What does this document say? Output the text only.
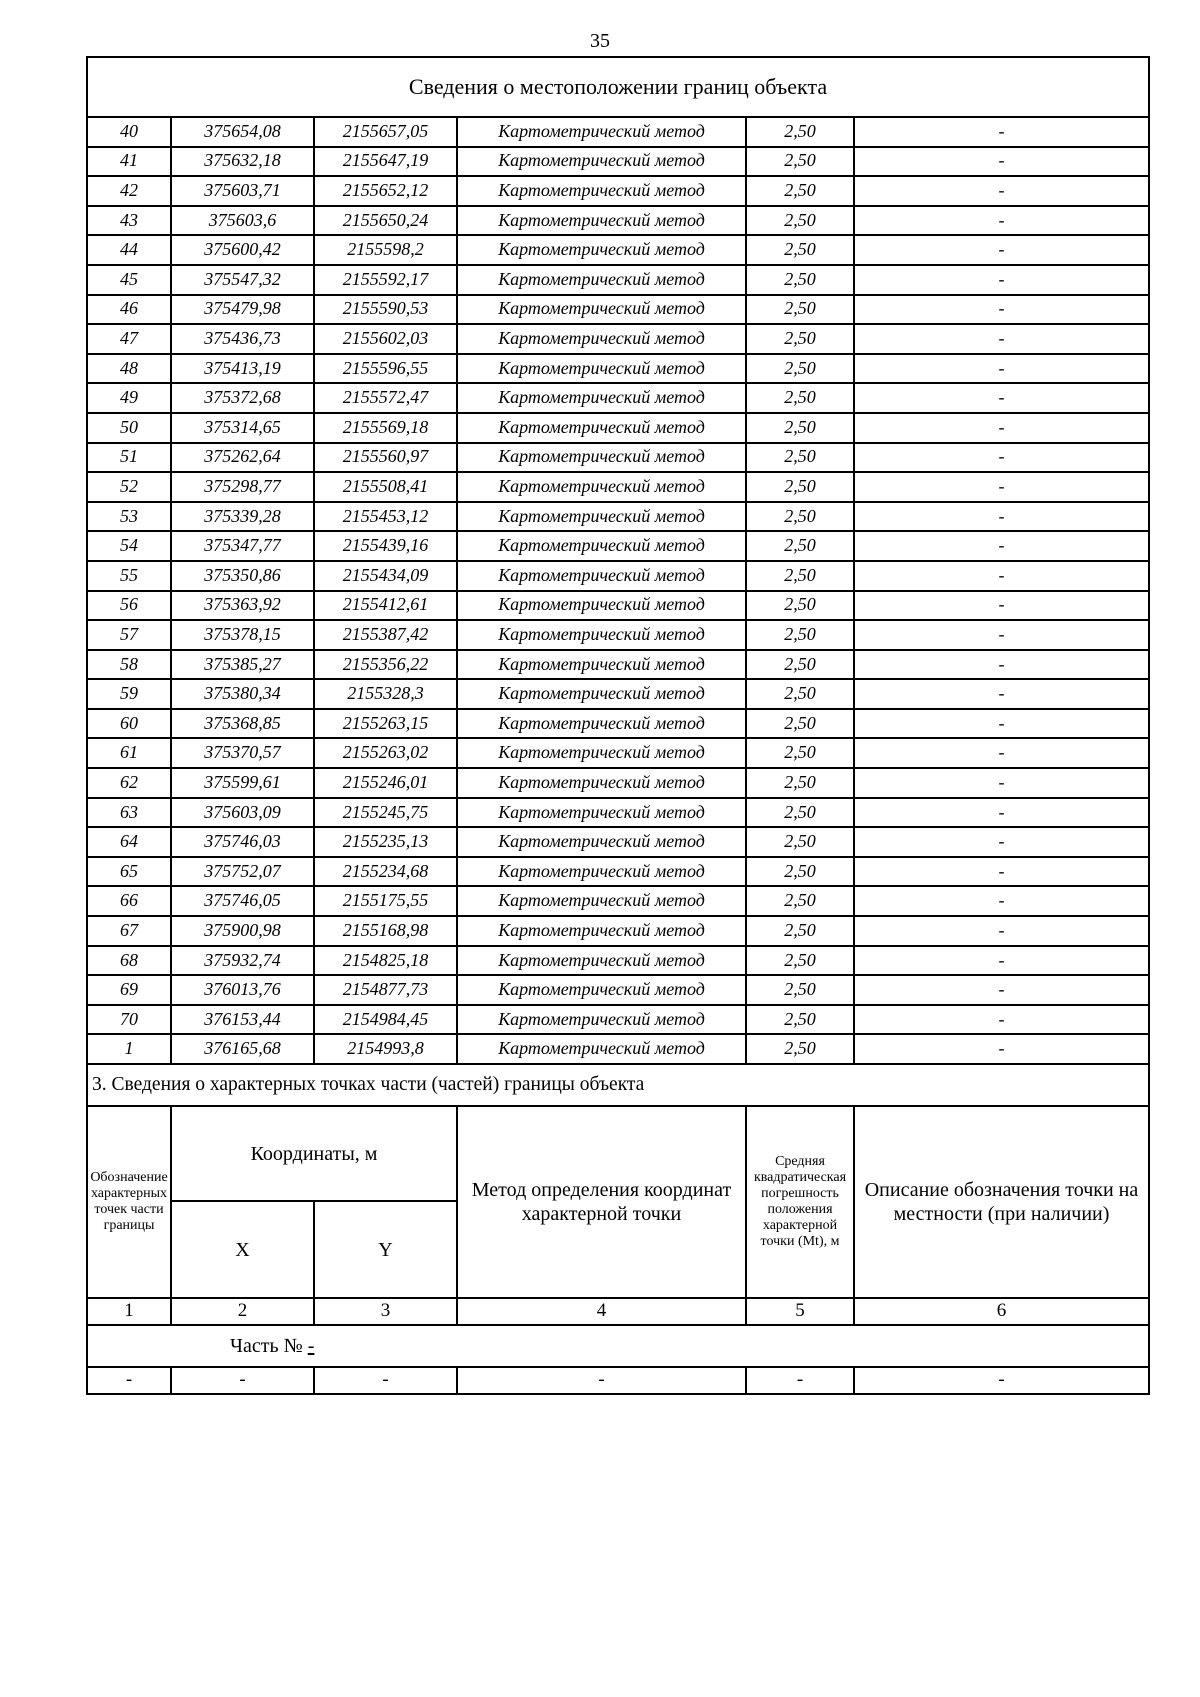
35
Сведения о местоположении границ объекта					
40	375654,08	2155657,05	Картометрический метод	2,50	-
41	375632,18	2155647,19	Картометрический метод	2,50	-
42	375603,71	2155652,12	Картометрический метод	2,50	-
43	375603,6	2155650,24	Картометрический метод	2,50	-
44	375600,42	2155598,2	Картометрический метод	2,50	-
45	375547,32	2155592,17	Картометрический метод	2,50	-
46	375479,98	2155590,53	Картометрический метод	2,50	-
47	375436,73	2155602,03	Картометрический метод	2,50	-
48	375413,19	2155596,55	Картометрический метод	2,50	-
49	375372,68	2155572,47	Картометрический метод	2,50	-
50	375314,65	2155569,18	Картометрический метод	2,50	-
51	375262,64	2155560,97	Картометрический метод	2,50	-
52	375298,77	2155508,41	Картометрический метод	2,50	-
53	375339,28	2155453,12	Картометрический метод	2,50	-
54	375347,77	2155439,16	Картометрический метод	2,50	-
55	375350,86	2155434,09	Картометрический метод	2,50	-
56	375363,92	2155412,61	Картометрический метод	2,50	-
57	375378,15	2155387,42	Картометрический метод	2,50	-
58	375385,27	2155356,22	Картометрический метод	2,50	-
59	375380,34	2155328,3	Картометрический метод	2,50	-
60	375368,85	2155263,15	Картометрический метод	2,50	-
61	375370,57	2155263,02	Картометрический метод	2,50	-
62	375599,61	2155246,01	Картометрический метод	2,50	-
63	375603,09	2155245,75	Картометрический метод	2,50	-
64	375746,03	2155235,13	Картометрический метод	2,50	-
65	375752,07	2155234,68	Картометрический метод	2,50	-
66	375746,05	2155175,55	Картометрический метод	2,50	-
67	375900,98	2155168,98	Картометрический метод	2,50	-
68	375932,74	2154825,18	Картометрический метод	2,50	-
69	376013,76	2154877,73	Картометрический метод	2,50	-
70	376153,44	2154984,45	Картометрический метод	2,50	-
1	376165,68	2154993,8	Картометрический метод	2,50	-
3. Сведения о характерных точках части (частей) границы объекта					
Обозначение характерных точек части границы	Координаты, м		Метод определения координат характерной точки	Средняя квадратическая погрешность положения характерной точки (Mt), м	Описание обозначения точки на местности (при наличии)
	X	Y			
1	2	3	4	5	6
Часть № -					
-	-	-	-	-	-
